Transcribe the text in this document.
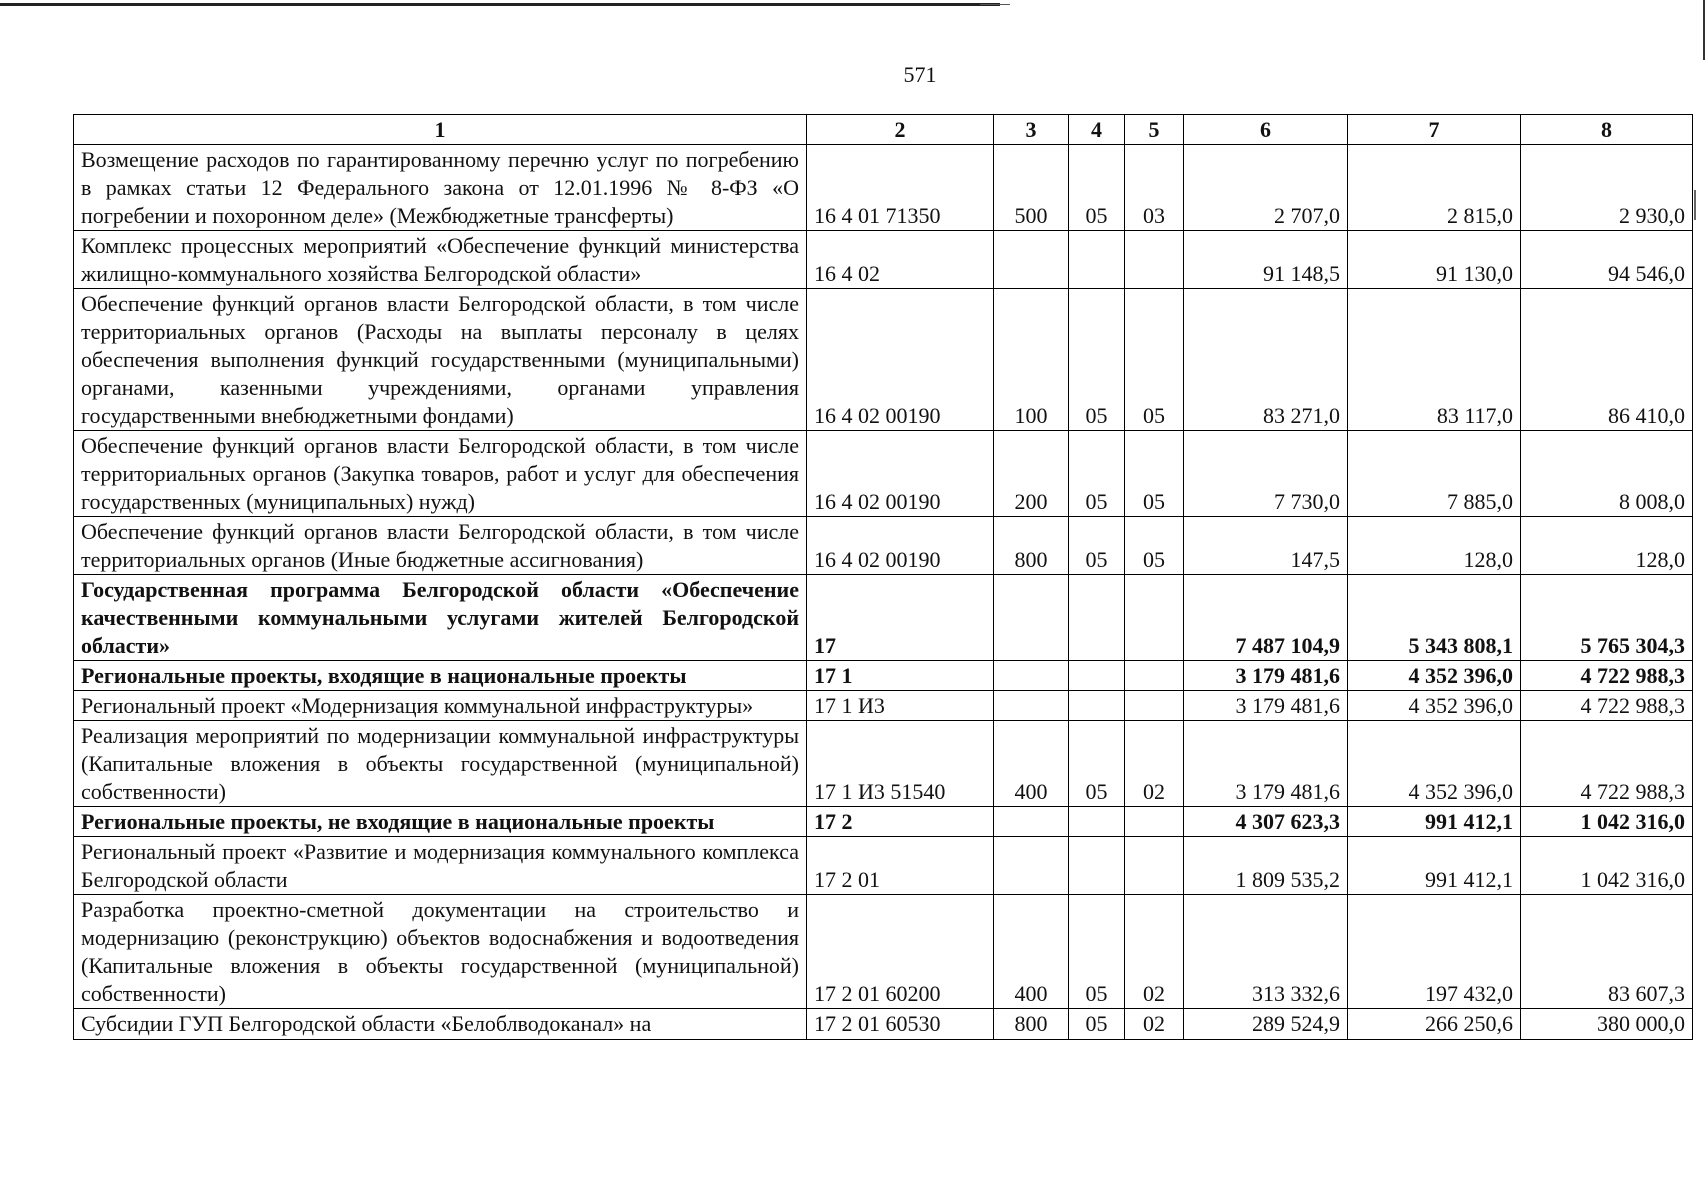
571
1	2	3	4	5	6	7	8
Возмещение расходов по гарантированному перечню услуг по погребению в рамках статьи 12 Федерального закона от 12.01.1996 № 8-ФЗ «О погребении и похоронном деле» (Межбюджетные трансферты)	16 4 01 71350	500	05	03	2 707,0	2 815,0	2 930,0
Комплекс процессных мероприятий «Обеспечение функций министерства жилищно-коммунального хозяйства Белгородской области»	16 4 02				91 148,5	91 130,0	94 546,0
Обеспечение функций органов власти Белгородской области, в том числе территориальных органов (Расходы на выплаты персоналу в целях обеспечения выполнения функций государственными (муниципальными) органами, казенными учреждениями, органами управления государственными внебюджетными фондами)	16 4 02 00190	100	05	05	83 271,0	83 117,0	86 410,0
Обеспечение функций органов власти Белгородской области, в том числе территориальных органов (Закупка товаров, работ и услуг для обеспечения государственных (муниципальных) нужд)	16 4 02 00190	200	05	05	7 730,0	7 885,0	8 008,0
Обеспечение функций органов власти Белгородской области, в том числе территориальных органов (Иные бюджетные ассигнования)	16 4 02 00190	800	05	05	147,5	128,0	128,0
Государственная программа Белгородской области «Обеспечение качественными коммунальными услугами жителей Белгородской области»	17				7 487 104,9	5 343 808,1	5 765 304,3
Региональные проекты, входящие в национальные проекты	17 1				3 179 481,6	4 352 396,0	4 722 988,3
Региональный проект «Модернизация коммунальной инфраструктуры»	17 1 И3				3 179 481,6	4 352 396,0	4 722 988,3
Реализация мероприятий по модернизации коммунальной инфраструктуры (Капитальные вложения в объекты государственной (муниципальной) собственности)	17 1 И3 51540	400	05	02	3 179 481,6	4 352 396,0	4 722 988,3
Региональные проекты, не входящие в национальные проекты	17 2				4 307 623,3	991 412,1	1 042 316,0
Региональный проект «Развитие и модернизация коммунального комплекса Белгородской области	17 2 01				1 809 535,2	991 412,1	1 042 316,0
Разработка проектно-сметной документации на строительство и модернизацию (реконструкцию) объектов водоснабжения и водоотведения (Капитальные вложения в объекты государственной (муниципальной) собственности)	17 2 01 60200	400	05	02	313 332,6	197 432,0	83 607,3
Субсидии ГУП Белгородской области «Белоблводоканал» на	17 2 01 60530	800	05	02	289 524,9	266 250,6	380 000,0
